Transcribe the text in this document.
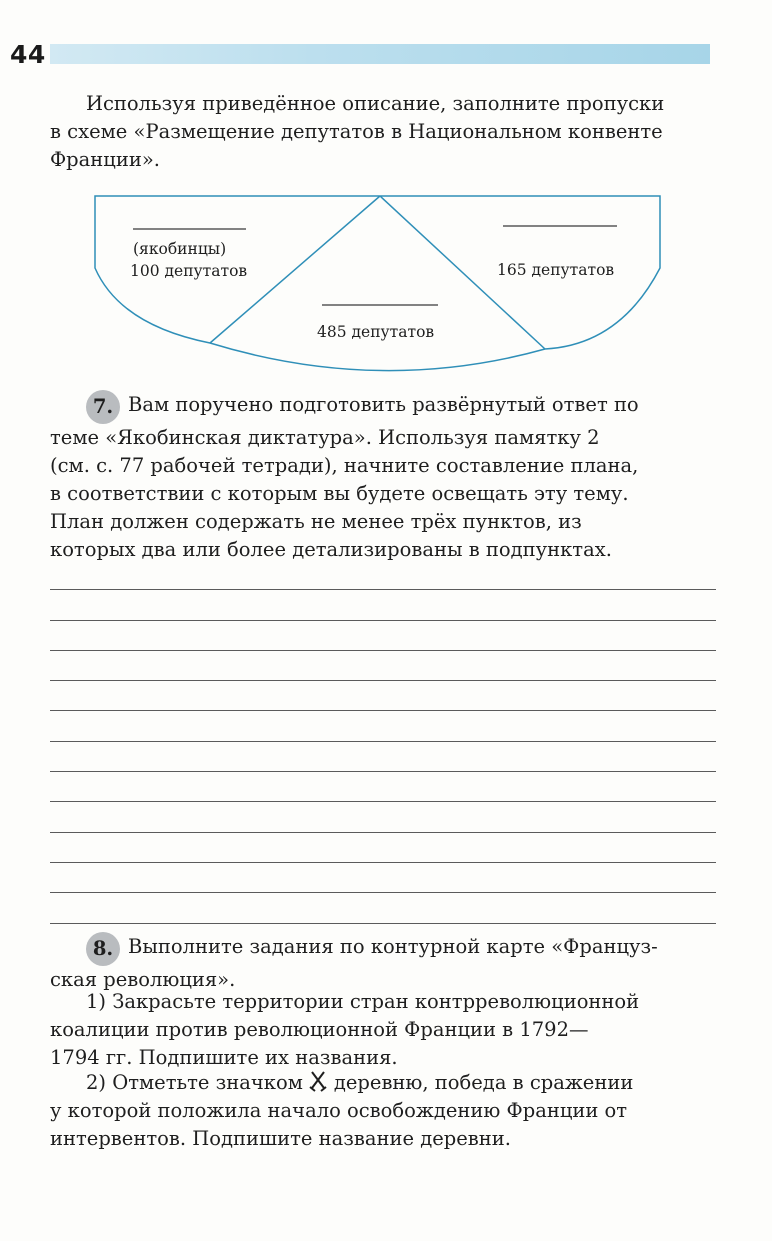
44
Используя приведённое описание, заполните пропуски
в схеме «Размещение депутатов в Национальном конвенте
Франции».
(якобинцы)
100 депутатов	165 депутатов
485 депутатов
7. Вам поручено подготовить развёрнутый ответ по
теме «Якобинская диктатура». Используя памятку 2
(см. с. 77 рабочей тетради), начните составление плана,
в соответствии с которым вы будете освещать эту тему.
План должен содержать не менее трёх пунктов, из
которых два или более детализированы в подпунктах.
8. Выполните задания по контурной карте «Француз-
ская революция».
1) Закрасьте территории стран контрреволюционной
коалиции против революционной Франции в 1792—
1794 гг. Подпишите их названия.
2) Отметьте значком  деревню, победа в сражении
у которой положила начало освобождению Франции от
интервентов. Подпишите название деревни.
